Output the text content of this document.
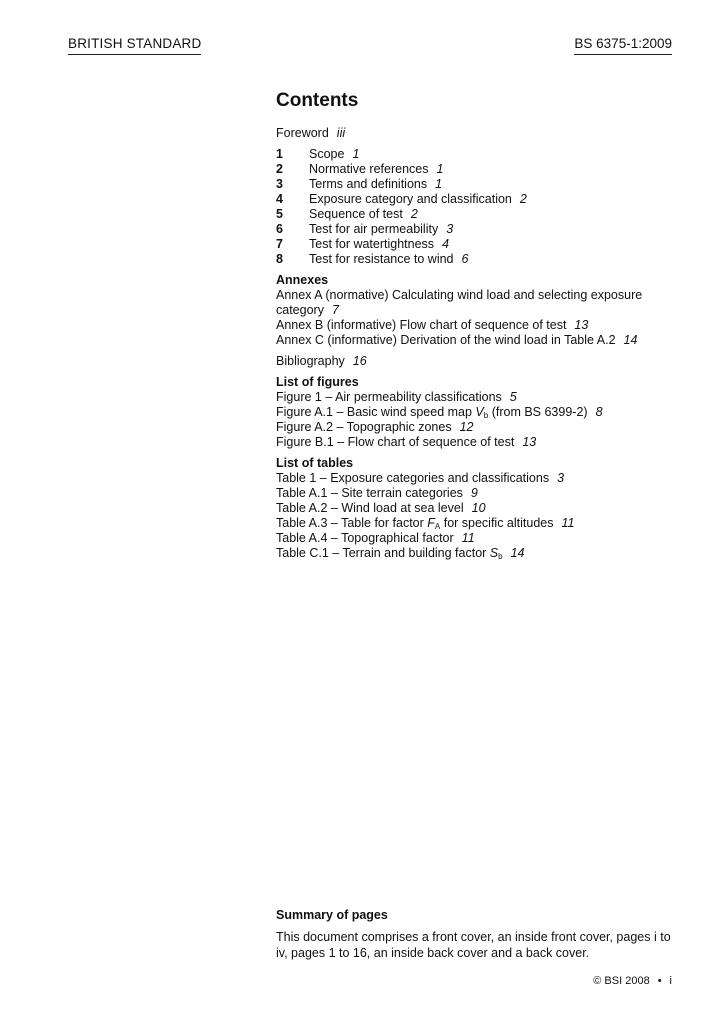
BRITISH STANDARD	BS 6375-1:2009
Contents
Foreword iii
1	Scope 1
2	Normative references 1
3	Terms and definitions 1
4	Exposure category and classification 2
5	Sequence of test 2
6	Test for air permeability 3
7	Test for watertightness 4
8	Test for resistance to wind 6
Annexes
Annex A (normative) Calculating wind load and selecting exposure category 7
Annex B (informative) Flow chart of sequence of test 13
Annex C (informative) Derivation of the wind load in Table A.2 14
Bibliography 16
List of figures
Figure 1 – Air permeability classifications 5
Figure A.1 – Basic wind speed map $V_b$ (from BS 6399-2) 8
Figure A.2 – Topographic zones 12
Figure B.1 – Flow chart of sequence of test 13
List of tables
Table 1 – Exposure categories and classifications 3
Table A.1 – Site terrain categories 9
Table A.2 – Wind load at sea level 10
Table A.3 – Table for factor $F_A$ for specific altitudes 11
Table A.4 – Topographical factor 11
Table C.1 – Terrain and building factor $S_b$ 14
Summary of pages
This document comprises a front cover, an inside front cover, pages i to iv, pages 1 to 16, an inside back cover and a back cover.
© BSI 2008 • i
